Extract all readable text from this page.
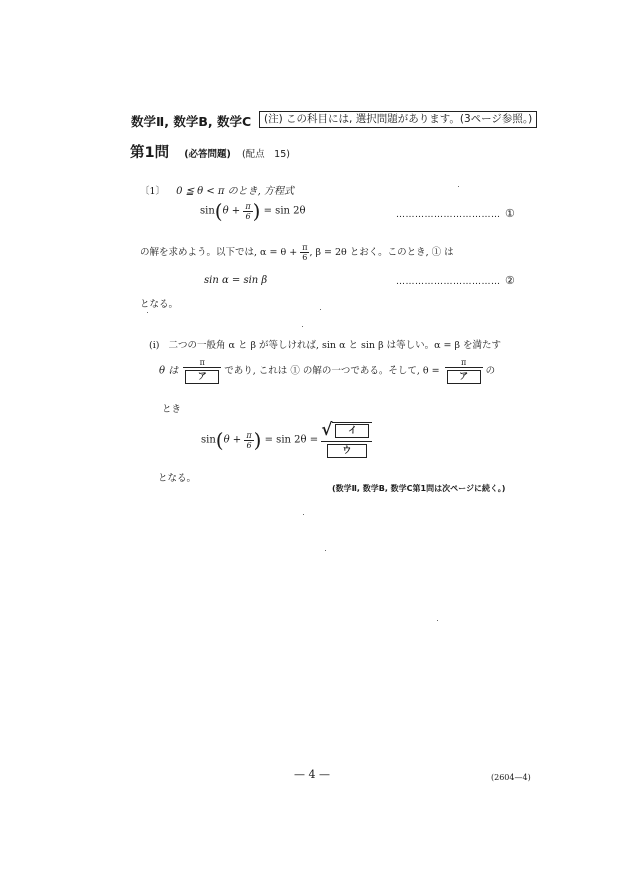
数学Ⅱ, 数学B, 数学C	(注) この科目には, 選択問題があります。(3ページ参照。)
第1問 (必答問題) (配点　15)
〔1〕 0 ≦ θ < π のとき, 方程式
$\sin(\theta + \frac{\pi}{6}$ ) = sin 2θ	…………………………… ①
の解を求めよう。以下では, $\alpha = \theta + \frac{\pi}{6}$ , β = 2θ とおく。このとき, ① は
sin α = sin β	…………………………… ②
となる。
(i) 二つの一般角 α と β が等しければ, sin α と sin β は等しい。α = β を満たす
θ は $\frac{\pi}{\text{ア}}$ であり, これは ① の解の一つである。そして, $\theta = \frac{\pi}{\text{ア}}$ の
とき
$\sin(\theta + \frac{\pi}{6}$ ) = sin 2θ = √	イ
ウ
となる。
(数学Ⅱ, 数学B, 数学C第1問は次ページに続く。)
— 4 —	(2604—4)
